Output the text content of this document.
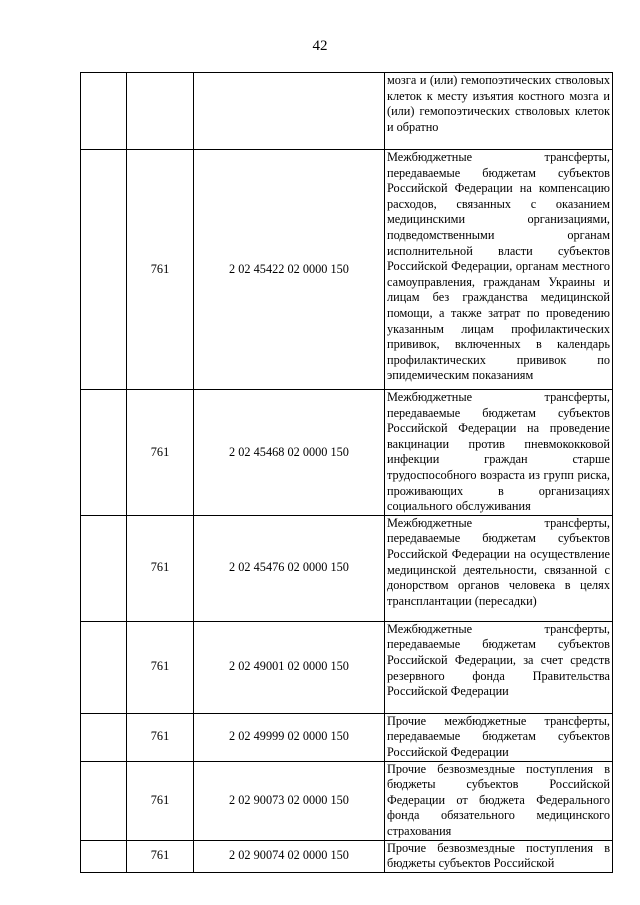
42
			мозга и (или) гемопоэтических стволовых клеток к месту изъятия костного мозга и (или) гемопоэтических стволовых клеток и обратно
	761	2 02 45422 02 0000 150	Межбюджетные трансферты, передаваемые бюджетам субъектов Российской Федерации на компенсацию расходов, связанных с оказанием медицинскими организациями, подведомственными органам исполнительной власти субъектов Российской Федерации, органам местного самоуправления, гражданам Украины и лицам без гражданства медицинской помощи, а также затрат по проведению указанным лицам профилактических прививок, включенных в календарь профилактических прививок по эпидемическим показаниям
	761	2 02 45468 02 0000 150	Межбюджетные трансферты, передаваемые бюджетам субъектов Российской Федерации на проведение вакцинации против пневмококковой инфекции граждан старше трудоспособного возраста из групп риска, проживающих в организациях социального обслуживания
	761	2 02 45476 02 0000 150	Межбюджетные трансферты, передаваемые бюджетам субъектов Российской Федерации на осуществление медицинской деятельности, связанной с донорством органов человека в целях трансплантации (пересадки)
	761	2 02 49001 02 0000 150	Межбюджетные трансферты, передаваемые бюджетам субъектов Российской Федерации, за счет средств резервного фонда Правительства Российской Федерации
	761	2 02 49999 02 0000 150	Прочие межбюджетные трансферты, передаваемые бюджетам субъектов Российской Федерации
	761	2 02 90073 02 0000 150	Прочие безвозмездные поступления в бюджеты субъектов Российской Федерации от бюджета Федерального фонда обязательного медицинского страхования
	761	2 02 90074 02 0000 150	Прочие безвозмездные поступления в бюджеты субъектов Российской
